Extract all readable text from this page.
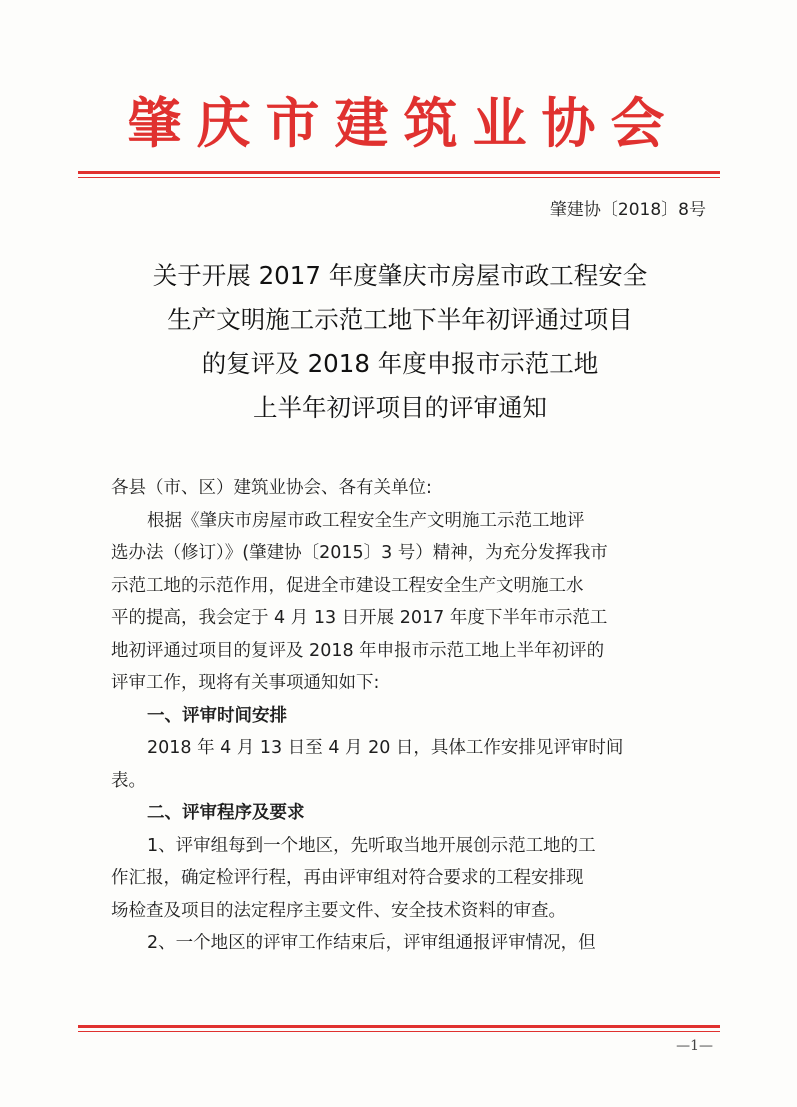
肇庆市建筑业协会
肇建协〔2018〕8号
关于开展 2017 年度肇庆市房屋市政工程安全
生产文明施工示范工地下半年初评通过项目
的复评及 2018 年度申报市示范工地
上半年初评项目的评审通知
各县（市、区）建筑业协会、各有关单位:
根据《肇庆市房屋市政工程安全生产文明施工示范工地评
选办法（修订）》(肇建协〔2015〕3 号）精神，为充分发挥我市
示范工地的示范作用，促进全市建设工程安全生产文明施工水
平的提高，我会定于 4 月 13 日开展 2017 年度下半年市示范工
地初评通过项目的复评及 2018 年申报市示范工地上半年初评的
评审工作，现将有关事项通知如下:
一、评审时间安排
2018 年 4 月 13 日至 4 月 20 日，具体工作安排见评审时间
表。
二、评审程序及要求
1、评审组每到一个地区，先听取当地开展创示范工地的工
作汇报，确定检评行程，再由评审组对符合要求的工程安排现
场检查及项目的法定程序主要文件、安全技术资料的审查。
2、一个地区的评审工作结束后，评审组通报评审情况，但
—1—
